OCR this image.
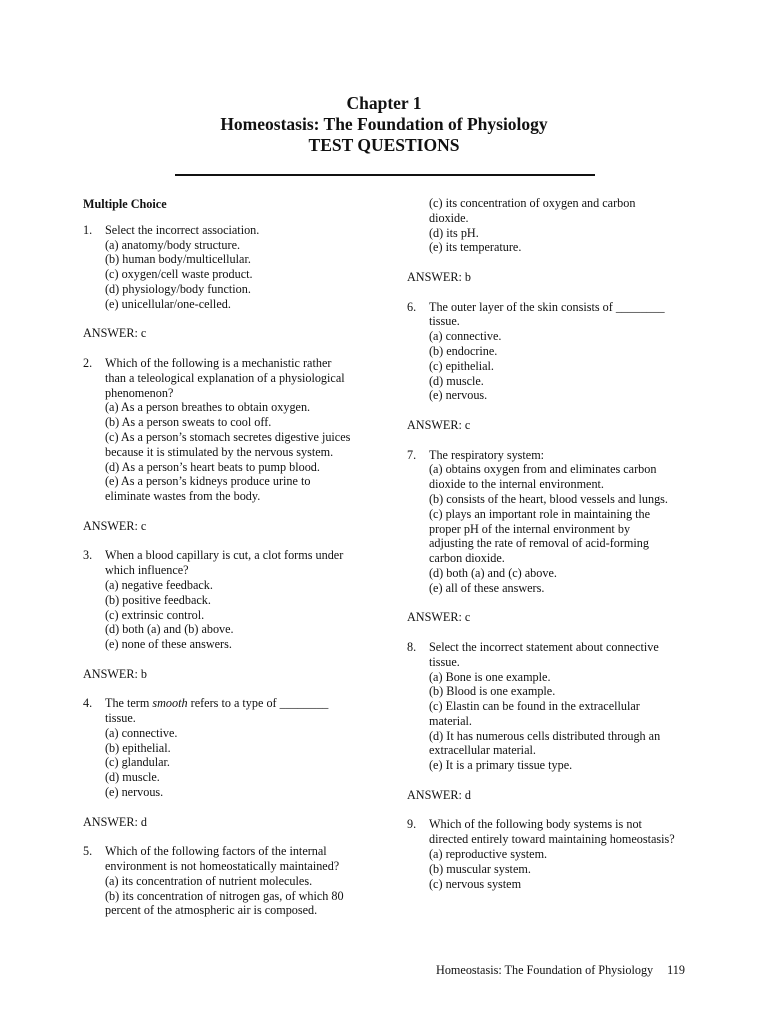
Chapter 1
Homeostasis: The Foundation of Physiology
TEST QUESTIONS
Multiple Choice
1. Select the incorrect association.
(a) anatomy/body structure.
(b) human body/multicellular.
(c) oxygen/cell waste product.
(d) physiology/body function.
(e) unicellular/one-celled.
ANSWER: c
2. Which of the following is a mechanistic rather
than a teleological explanation of a physiological
phenomenon?
(a) As a person breathes to obtain oxygen.
(b) As a person sweats to cool off.
(c) As a person’s stomach secretes digestive juices
because it is stimulated by the nervous system.
(d) As a person’s heart beats to pump blood.
(e) As a person’s kidneys produce urine to
eliminate wastes from the body.
ANSWER: c
3. When a blood capillary is cut, a clot forms under
which influence?
(a) negative feedback.
(b) positive feedback.
(c) extrinsic control.
(d) both (a) and (b) above.
(e) none of these answers.
ANSWER: b
4. The term smooth refers to a type of ________
tissue.
(a) connective.
(b) epithelial.
(c) glandular.
(d) muscle.
(e) nervous.
ANSWER: d
5. Which of the following factors of the internal
environment is not homeostatically maintained?
(a) its concentration of nutrient molecules.
(b) its concentration of nitrogen gas, of which 80
percent of the atmospheric air is composed.
(c) its concentration of oxygen and carbon
dioxide.
(d) its pH.
(e) its temperature.
ANSWER: b
6. The outer layer of the skin consists of ________
tissue.
(a) connective.
(b) endocrine.
(c) epithelial.
(d) muscle.
(e) nervous.
ANSWER: c
7. The respiratory system:
(a) obtains oxygen from and eliminates carbon
dioxide to the internal environment.
(b) consists of the heart, blood vessels and lungs.
(c) plays an important role in maintaining the
proper pH of the internal environment by
adjusting the rate of removal of acid-forming
carbon dioxide.
(d) both (a) and (c) above.
(e) all of these answers.
ANSWER: c
8. Select the incorrect statement about connective
tissue.
(a) Bone is one example.
(b) Blood is one example.
(c) Elastin can be found in the extracellular
material.
(d) It has numerous cells distributed through an
extracellular material.
(e) It is a primary tissue type.
ANSWER: d
9. Which of the following body systems is not
directed entirely toward maintaining homeostasis?
(a) reproductive system.
(b) muscular system.
(c) nervous system
Homeostasis: The Foundation of Physiology 119
